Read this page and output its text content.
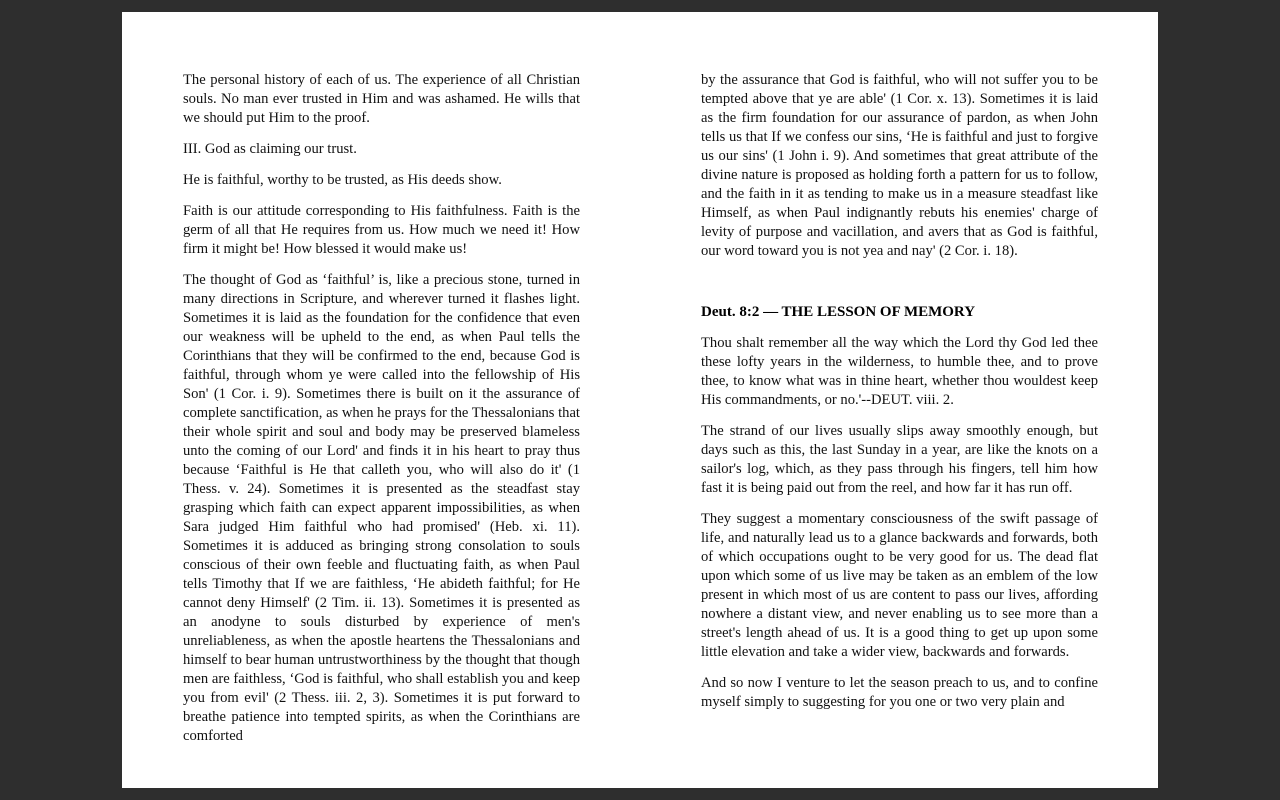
The personal history of each of us. The experience of all Christian souls. No man ever trusted in Him and was ashamed. He wills that we should put Him to the proof.

III. God as claiming our trust.

He is faithful, worthy to be trusted, as His deeds show.

Faith is our attitude corresponding to His faithfulness. Faith is the germ of all that He requires from us. How much we need it! How firm it might be! How blessed it would make us!

The thought of God as ‘faithful’ is, like a precious stone, turned in many directions in Scripture, and wherever turned it flashes light. Sometimes it is laid as the foundation for the confidence that even our weakness will be upheld to the end, as when Paul tells the Corinthians that they will be confirmed to the end, because God is faithful, through whom ye were called into the fellowship of His Son' (1 Cor. i. 9). Sometimes there is built on it the assurance of complete sanctification, as when he prays for the Thessalonians that their whole spirit and soul and body may be preserved blameless unto the coming of our Lord' and finds it in his heart to pray thus because ‘Faithful is He that calleth you, who will also do it' (1 Thess. v. 24). Sometimes it is presented as the steadfast stay grasping which faith can expect apparent impossibilities, as when Sara judged Him faithful who had promised' (Heb. xi. 11). Sometimes it is adduced as bringing strong consolation to souls conscious of their own feeble and fluctuating faith, as when Paul tells Timothy that If we are faithless, ‘He abideth faithful; for He cannot deny Himself' (2 Tim. ii. 13). Sometimes it is presented as an anodyne to souls disturbed by experience of men's unreliableness, as when the apostle heartens the Thessalonians and himself to bear human untrustworthiness by the thought that though men are faithless, ‘God is faithful, who shall establish you and keep you from evil' (2 Thess. iii. 2, 3). Sometimes it is put forward to breathe patience into tempted spirits, as when the Corinthians are comforted

by the assurance that God is faithful, who will not suffer you to be tempted above that ye are able' (1 Cor. x. 13). Sometimes it is laid as the firm foundation for our assurance of pardon, as when John tells us that If we confess our sins, ‘He is faithful and just to forgive us our sins' (1 John i. 9). And sometimes that great attribute of the divine nature is proposed as holding forth a pattern for us to follow, and the faith in it as tending to make us in a measure steadfast like Himself, as when Paul indignantly rebuts his enemies' charge of levity of purpose and vacillation, and avers that as God is faithful, our word toward you is not yea and nay' (2 Cor. i. 18).

Deut. 8:2 — THE LESSON OF MEMORY

Thou shalt remember all the way which the Lord thy God led thee these lofty years in the wilderness, to humble thee, and to prove thee, to know what was in thine heart, whether thou wouldest keep His commandments, or no.'--DEUT. viii. 2.

The strand of our lives usually slips away smoothly enough, but days such as this, the last Sunday in a year, are like the knots on a sailor's log, which, as they pass through his fingers, tell him how fast it is being paid out from the reel, and how far it has run off.

They suggest a momentary consciousness of the swift passage of life, and naturally lead us to a glance backwards and forwards, both of which occupations ought to be very good for us. The dead flat upon which some of us live may be taken as an emblem of the low present in which most of us are content to pass our lives, affording nowhere a distant view, and never enabling us to see more than a street's length ahead of us. It is a good thing to get up upon some little elevation and take a wider view, backwards and forwards.

And so now I venture to let the season preach to us, and to confine myself simply to suggesting for you one or two very plain and
